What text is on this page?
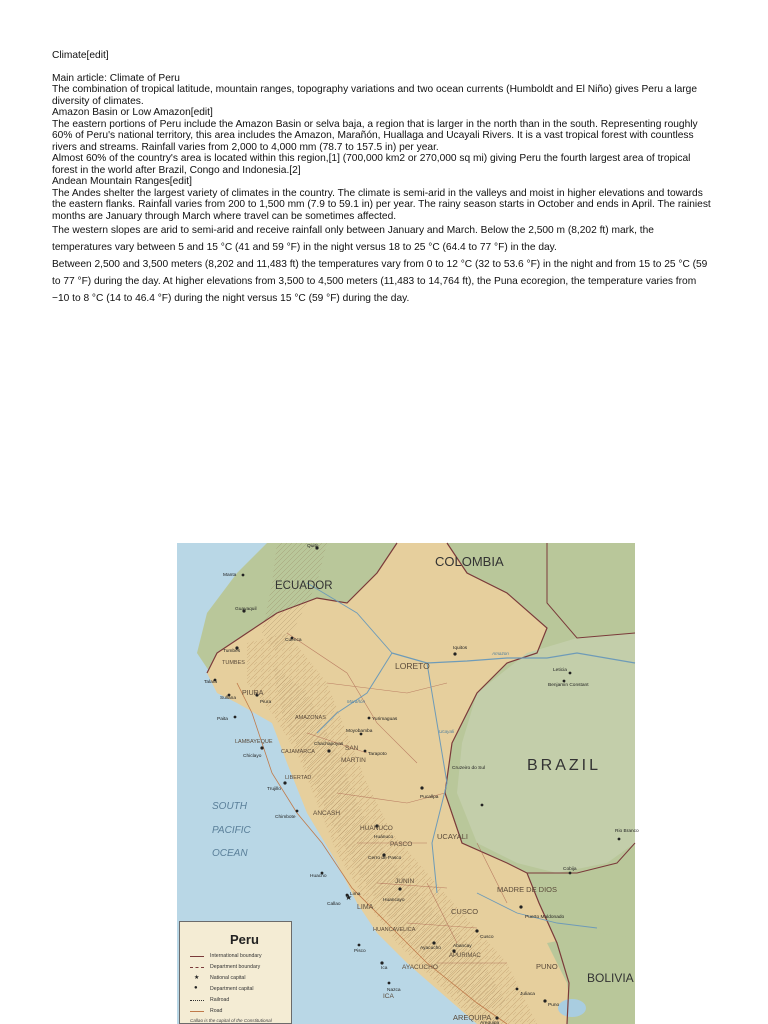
Climate[edit]

Main article: Climate of Peru

The combination of tropical latitude, mountain ranges, topography variations and two ocean currents (Humboldt and El Niño) gives Peru a large diversity of climates.

Amazon Basin or Low Amazon[edit]

The eastern portions of Peru include the Amazon Basin or selva baja, a region that is larger in the north than in the south. Representing roughly 60% of Peru's national territory, this area includes the Amazon, Marañón, Huallaga and Ucayali Rivers. It is a vast tropical forest with countless rivers and streams. Rainfall varies from 2,000 to 4,000 mm (78.7 to 157.5 in) per year.

Almost 60% of the country's area is located within this region,[1] (700,000 km2 or 270,000 sq mi) giving Peru the fourth largest area of tropical forest in the world after Brazil, Congo and Indonesia.[2]

Andean Mountain Ranges[edit]

The Andes shelter the largest variety of climates in the country. The climate is semi-arid in the valleys and moist in higher elevations and towards the eastern flanks. Rainfall varies from 200 to 1,500 mm (7.9 to 59.1 in) per year. The rainy season starts in October and ends in April. The rainiest months are January through March where travel can be sometimes affected.

The western slopes are arid to semi-arid and receive rainfall only between January and March. Below the 2,500 m (8,202 ft) mark, the temperatures vary between 5 and 15 °C (41 and 59 °F) in the night versus 18 to 25 °C (64.4 to 77 °F) in the day.

Between 2,500 and 3,500 meters (8,202 and 11,483 ft) the temperatures vary from 0 to 12 °C (32 to 53.6 °F) in the night and from 15 to 25 °C (59 to 77 °F) during the day. At higher elevations from 3,500 to 4,500 meters (11,483 to 14,764 ft), the Puna ecoregion, the temperature varies from −10 to 8 °C (14 to 46.4 °F) during the night versus 15 °C (59 °F) during the day.

★
COLOMBIA
ECUADOR
BRAZIL
BOLIVIA
SOUTH
PACIFIC
OCEAN
LORETO
PIURA
TUMBES
AMAZONAS
LAMBAYEQUE
CAJAMARCA	SAN
MARTIN
LIBERTAD
ANCASH
HUANUCO
UCAYALI
PASCO
JUNIN
LIMA
MADRE DE DIOS
CUSCO
HUANCAVELICA
APURIMAC
AYACUCHO	PUNO
AREQUIPA
ICA
Quito
Manta
Guayaquil
Cuenca
Tumbes
Talara
Sullana
Paita
Piura
Chiclayo
Trujillo
Chimbote
Huacho
Callao
Lima
Iquitos
Leticia
Benjamin Constant
Yurimaguas
Moyobamba
Tarapoto
Chachapoyas
Pucallpa
Cruzeiro do Sul
Rio Branco
Cobija
Puerto Maldonado
Huancayo
Huánuco
Cerro de Pasco
Cusco
Pisco
Nazca
Ayacucho
Juliaca
Arequipa
Puno
Abancay
Ica
Amazon
Ucayali
Marañón
Peru
International boundary
Department boundary
★ National capital
● Department capital
Railroad
Road
Callao is the capital of the Constitutional
